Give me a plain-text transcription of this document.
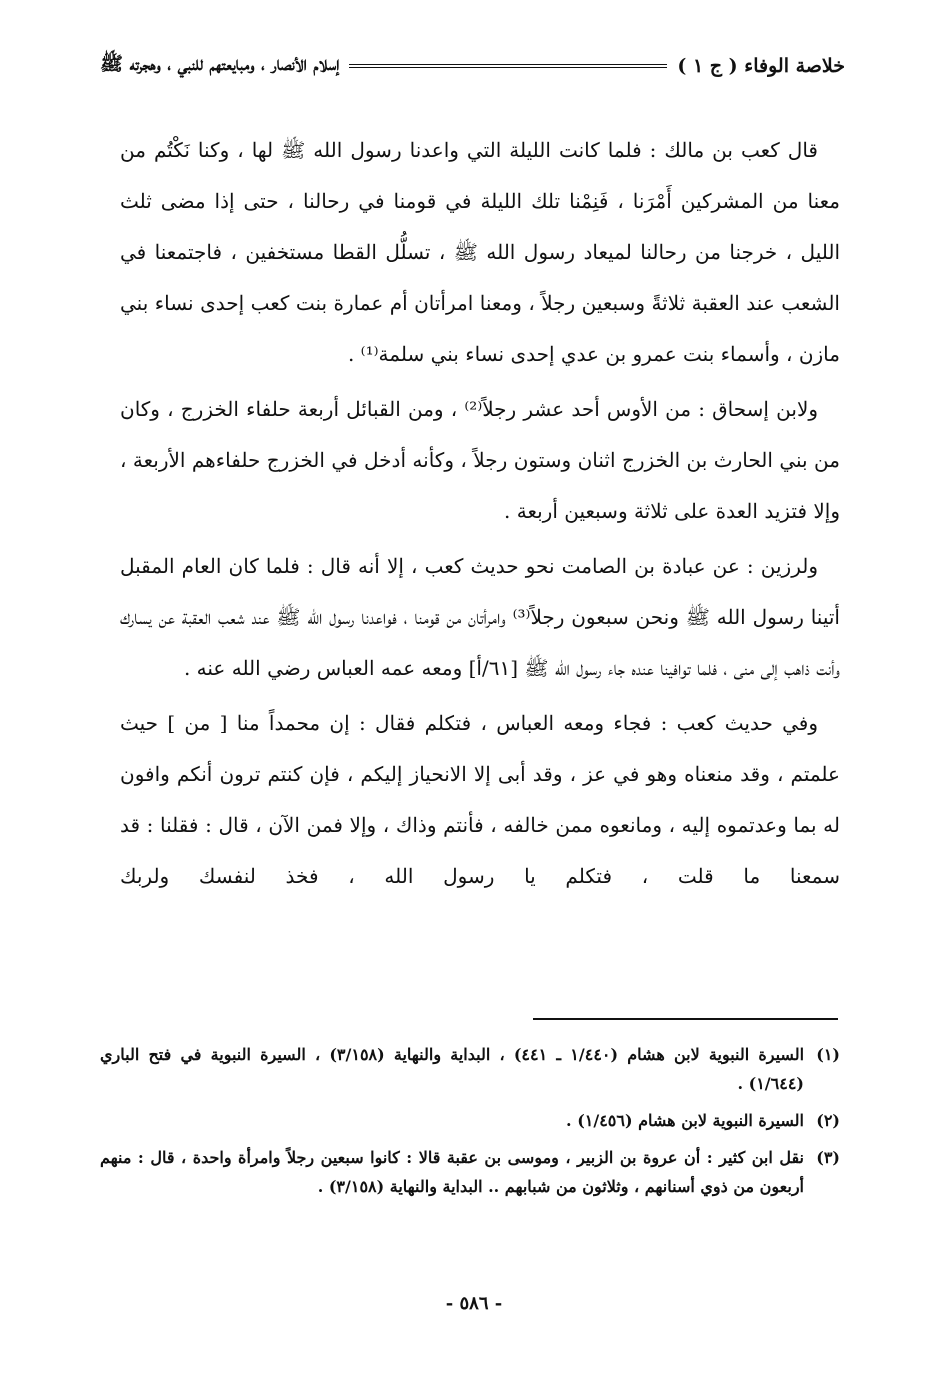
خلاصة الوفاء ( ج ١ )
إسلام الأنصار ، ومبايعتهم للنبي ، وهجرته ﷺ

قال كعب بن مالك : فلما كانت الليلة التي واعدنا رسول الله ﷺ لها ، وكنا نَكْتُم من معنا من المشركين أَمْرَنا ، فَنِمْنا تلك الليلة في قومنا في رحالنا ، حتى إذا مضى ثلث الليل ، خرجنا من رحالنا لميعاد رسول الله ﷺ ، تسلُّل القطا مستخفين ، فاجتمعنا في الشعب عند العقبة ثلاثةً وسبعين رجلاً ، ومعنا امرأتان أم عمارة بنت كعب إحدى نساء بني مازن ، وأسماء بنت عمرو بن عدي إحدى نساء بني سلمة⁽¹⁾ .

ولابن إسحاق : من الأوس أحد عشر رجلاً⁽²⁾ ، ومن القبائل أربعة حلفاء الخزرج ، وكان من بني الحارث بن الخزرج اثنان وستون رجلاً ، وكأنه أدخل في الخزرج حلفاءهم الأربعة ، وإلا فتزيد العدة على ثلاثة وسبعين أربعة .

ولرزين : عن عبادة بن الصامت نحو حديث كعب ، إلا أنه قال : فلما كان العام المقبل أتينا رسول الله ﷺ ونحن سبعون رجلاً⁽³⁾ وامرأتان من قومنا ، فواعدنا رسول الله ﷺ عند شعب العقبة عن يسارك وأنت ذاهب إلى منى ، فلما توافينا عنده جاء رسول الله ﷺ [٦١/أ] ومعه عمه العباس رضي الله عنه .

وفي حديث كعب : فجاء ومعه العباس ، فتكلم فقال : إن محمداً منا [ من ] حيث علمتم ، وقد منعناه وهو في عز ، وقد أبى إلا الانحياز إليكم ، فإن كنتم ترون أنكم وافون له بما وعدتموه إليه ، ومانعوه ممن خالفه ، فأنتم وذاك ، وإلا فمن الآن ، قال : فقلنا : قد سمعنا ما قلت ، فتكلم يا رسول الله ، فخذ لنفسك ولربك

(١)
السيرة النبوية لابن هشام (١/٤٤٠ ـ ٤٤١) ، البداية والنهاية (٣/١٥٨) ، السيرة النبوية في فتح الباري (١/٦٤٤) .
(٢)
السيرة النبوية لابن هشام (١/٤٥٦) .
(٣)
نقل ابن كثير : أن عروة بن الزبير ، وموسى بن عقبة قالا : كانوا سبعين رجلاً وامرأة واحدة ، قال : منهم أربعون من ذوي أسنانهم ، وثلاثون من شبابهم .. البداية والنهاية (٣/١٥٨) .
- ٥٨٦ -
